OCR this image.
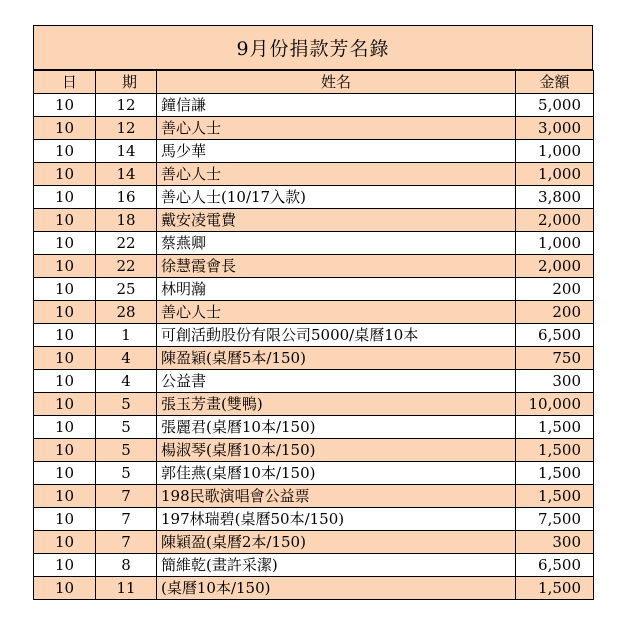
9月份捐款芳名錄
日	期	姓名	金額
10	12	鐘信謙	5,000
10	12	善心人士	3,000
10	14	馬少華	1,000
10	14	善心人士	1,000
10	16	善心人士(10/17入款)	3,800
10	18	戴安凌電費	2,000
10	22	蔡燕卿	1,000
10	22	徐慧霞會長	2,000
10	25	林明瀚	200
10	28	善心人士	200
10	1	可創活動股份有限公司5000/桌曆10本	6,500
10	4	陳盈穎(桌曆5本/150)	750
10	4	公益書	300
10	5	張玉芳畫(雙鴨)	10,000
10	5	張麗君(桌曆10本/150)	1,500
10	5	楊淑琴(桌曆10本/150)	1,500
10	5	郭佳燕(桌曆10本/150)	1,500
10	7	198民歌演唱會公益票	1,500
10	7	197林瑞碧(桌曆50本/150)	7,500
10	7	陳穎盈(桌曆2本/150)	300
10	8	簡維乾(畫許采潔)	6,500
10	11	(桌曆10本/150)	1,500
